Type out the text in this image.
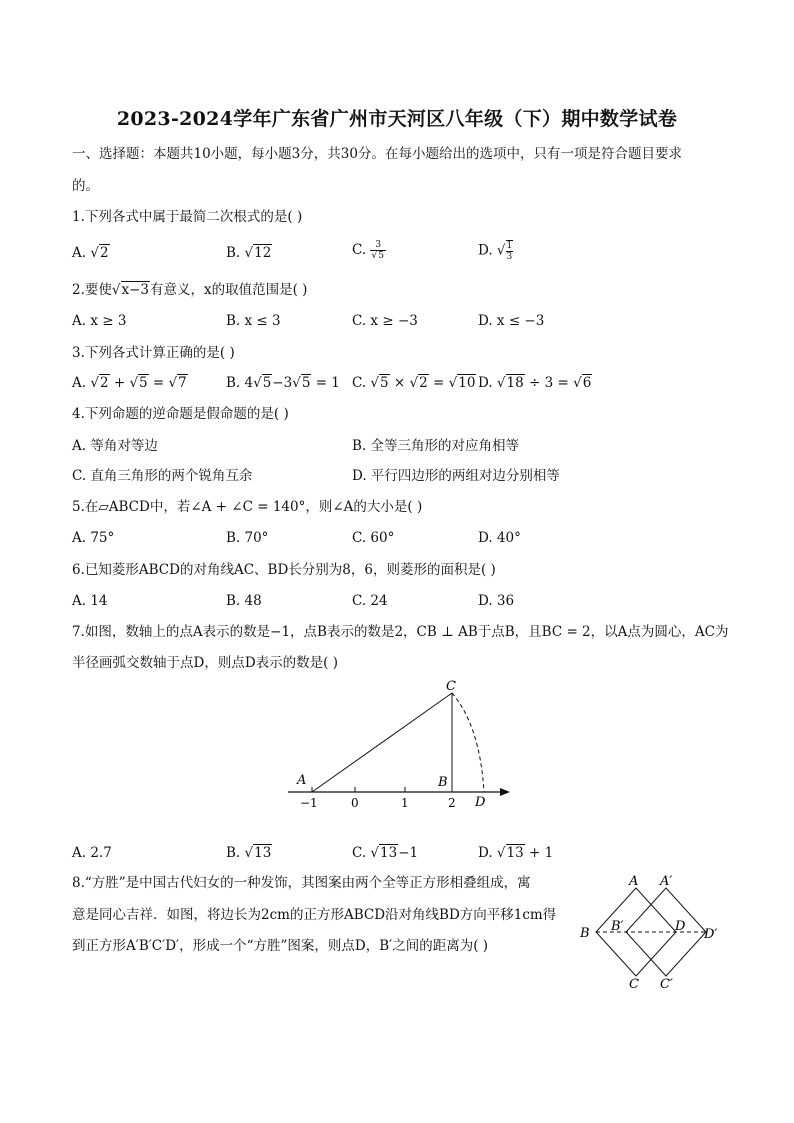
2023-2024学年广东省广州市天河区八年级（下）期中数学试卷
一、选择题：本题共10小题，每小题3分，共30分。在每小题给出的选项中，只有一项是符合题目要求
的。
1.下列各式中属于最简二次根式的是( )
A. √2	B. √12	C. $\frac{3}{√5}$	D. √ $\frac{1}{3}$
2.要使√x−3有意义，x的取值范围是( )
A. x ≥ 3	B. x ≤ 3	C. x ≥ −3	D. x ≤ −3
3.下列各式计算正确的是( )
A. √2 + √5 = √7	B. 4√5−3√5 = 1 C. √5 × √2 = √10 D. √18 ÷ 3 = √6
4.下列命题的逆命题是假命题的是( )
A. 等角对等边	B. 全等三角形的对应角相等
C. 直角三角形的两个锐角互余	D. 平行四边形的两组对边分别相等
5.在▱ABCD中，若∠A + ∠C = 140°，则∠A的大小是( )
A. 75°	B. 70°	C. 60°	D. 40°
6.已知菱形ABCD的对角线AC、BD长分别为8，6，则菱形的面积是( )
A. 14	B. 48	C. 24	D. 36
7.如图，数轴上的点A表示的数是−1，点B表示的数是2，CB ⊥ AB于点B，且BC = 2，以A点为圆心，AC为
半径画弧交数轴于点D，则点D表示的数是( )
C
A	B
D
−1	0	1	2
A. 2.7	B. √13	C. √13−1	D. √13 + 1
8.“方胜”是中国古代妇女的一种发饰，其图案由两个全等正方形相叠组成，寓
意是同心吉祥．如图，将边长为2cm的正方形ABCD沿对角线BD方向平移1cm得
到正方形A′B′C′D′，形成一个“方胜”图案，则点D，B′之间的距离为( )
A A′
B B′	D
D′
C C′
